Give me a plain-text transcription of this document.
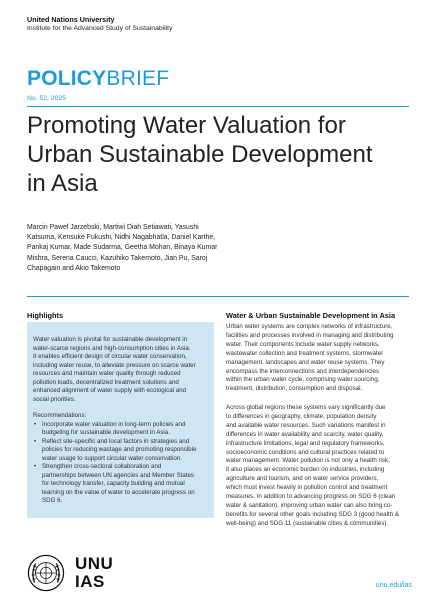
United Nations University
Institute for the Advanced Study of Sustainability
POLICYBRIEF
No. 52, 2025
Promoting Water Valuation for
Urban Sustainable Development
in Asia
Marcin Pawel Jarzebski, Martiwi Diah Setiawati, Yasushi
Katsuma, Kensuke Fukushi, Nidhi Nagabhatla, Daniel Karthe,
Pankaj Kumar, Made Sudarma, Geetha Mohan, Binaya Kumar
Mishra, Serena Caucci, Kazuhiko Takemoto, Jian Pu, Saroj
Chapagain and Akio Takemoto
Highlights
Water valuation is pivotal for sustainable development in
water-scarce regions and high-consumption cities in Asia.
It enables efficient design of circular water conservation,
including water reuse, to alleviate pressure on scarce water
resources and maintain water quality through reduced
pollution loads, decentralized treatment solutions and
enhanced alignment of water supply with ecological and
social priorities.
Recommendations:
• Incorporate water valuation in long-term policies and
budgeting for sustainable development in Asia.
• Reflect site-specific and local factors in strategies and
policies for reducing wastage and promoting responsible
water usage to support circular water conservation.
• Strengthen cross-sectoral collaboration and
partnerships between UN agencies and Member States
for technology transfer, capacity building and mutual
learning on the value of water to accelerate progress on
SDG 6.
Water & Urban Sustainable Development in Asia
Urban water systems are complex networks of infrastructure,
facilities and processes involved in managing and distributing
water. Their components include water supply networks,
wastewater collection and treatment systems, stormwater
management, landscapes and water reuse systems. They
encompass the interconnections and interdependencies
within the urban water cycle, comprising water sourcing,
treatment, distribution, consumption and disposal.
Across global regions these systems vary significantly due
to differences in geography, climate, population density
and available water resources. Such variations manifest in
differences in water availability and scarcity, water quality,
infrastructure limitations, legal and regulatory frameworks,
socioeconomic conditions and cultural practices related to
water management. Water pollution is not only a health risk;
it also places an economic burden on industries, including
agriculture and tourism, and on water service providers,
which must invest heavily in pollution control and treatment
measures. In addition to advancing progress on SDG 6 (clean
water & sanitation), improving urban water can also bring co-
benefits for several other goals including SDG 3 (good health &
well-being) and SDG 11 (sustainable cities & communities).
UNU
IAS	unu.edu/ias
